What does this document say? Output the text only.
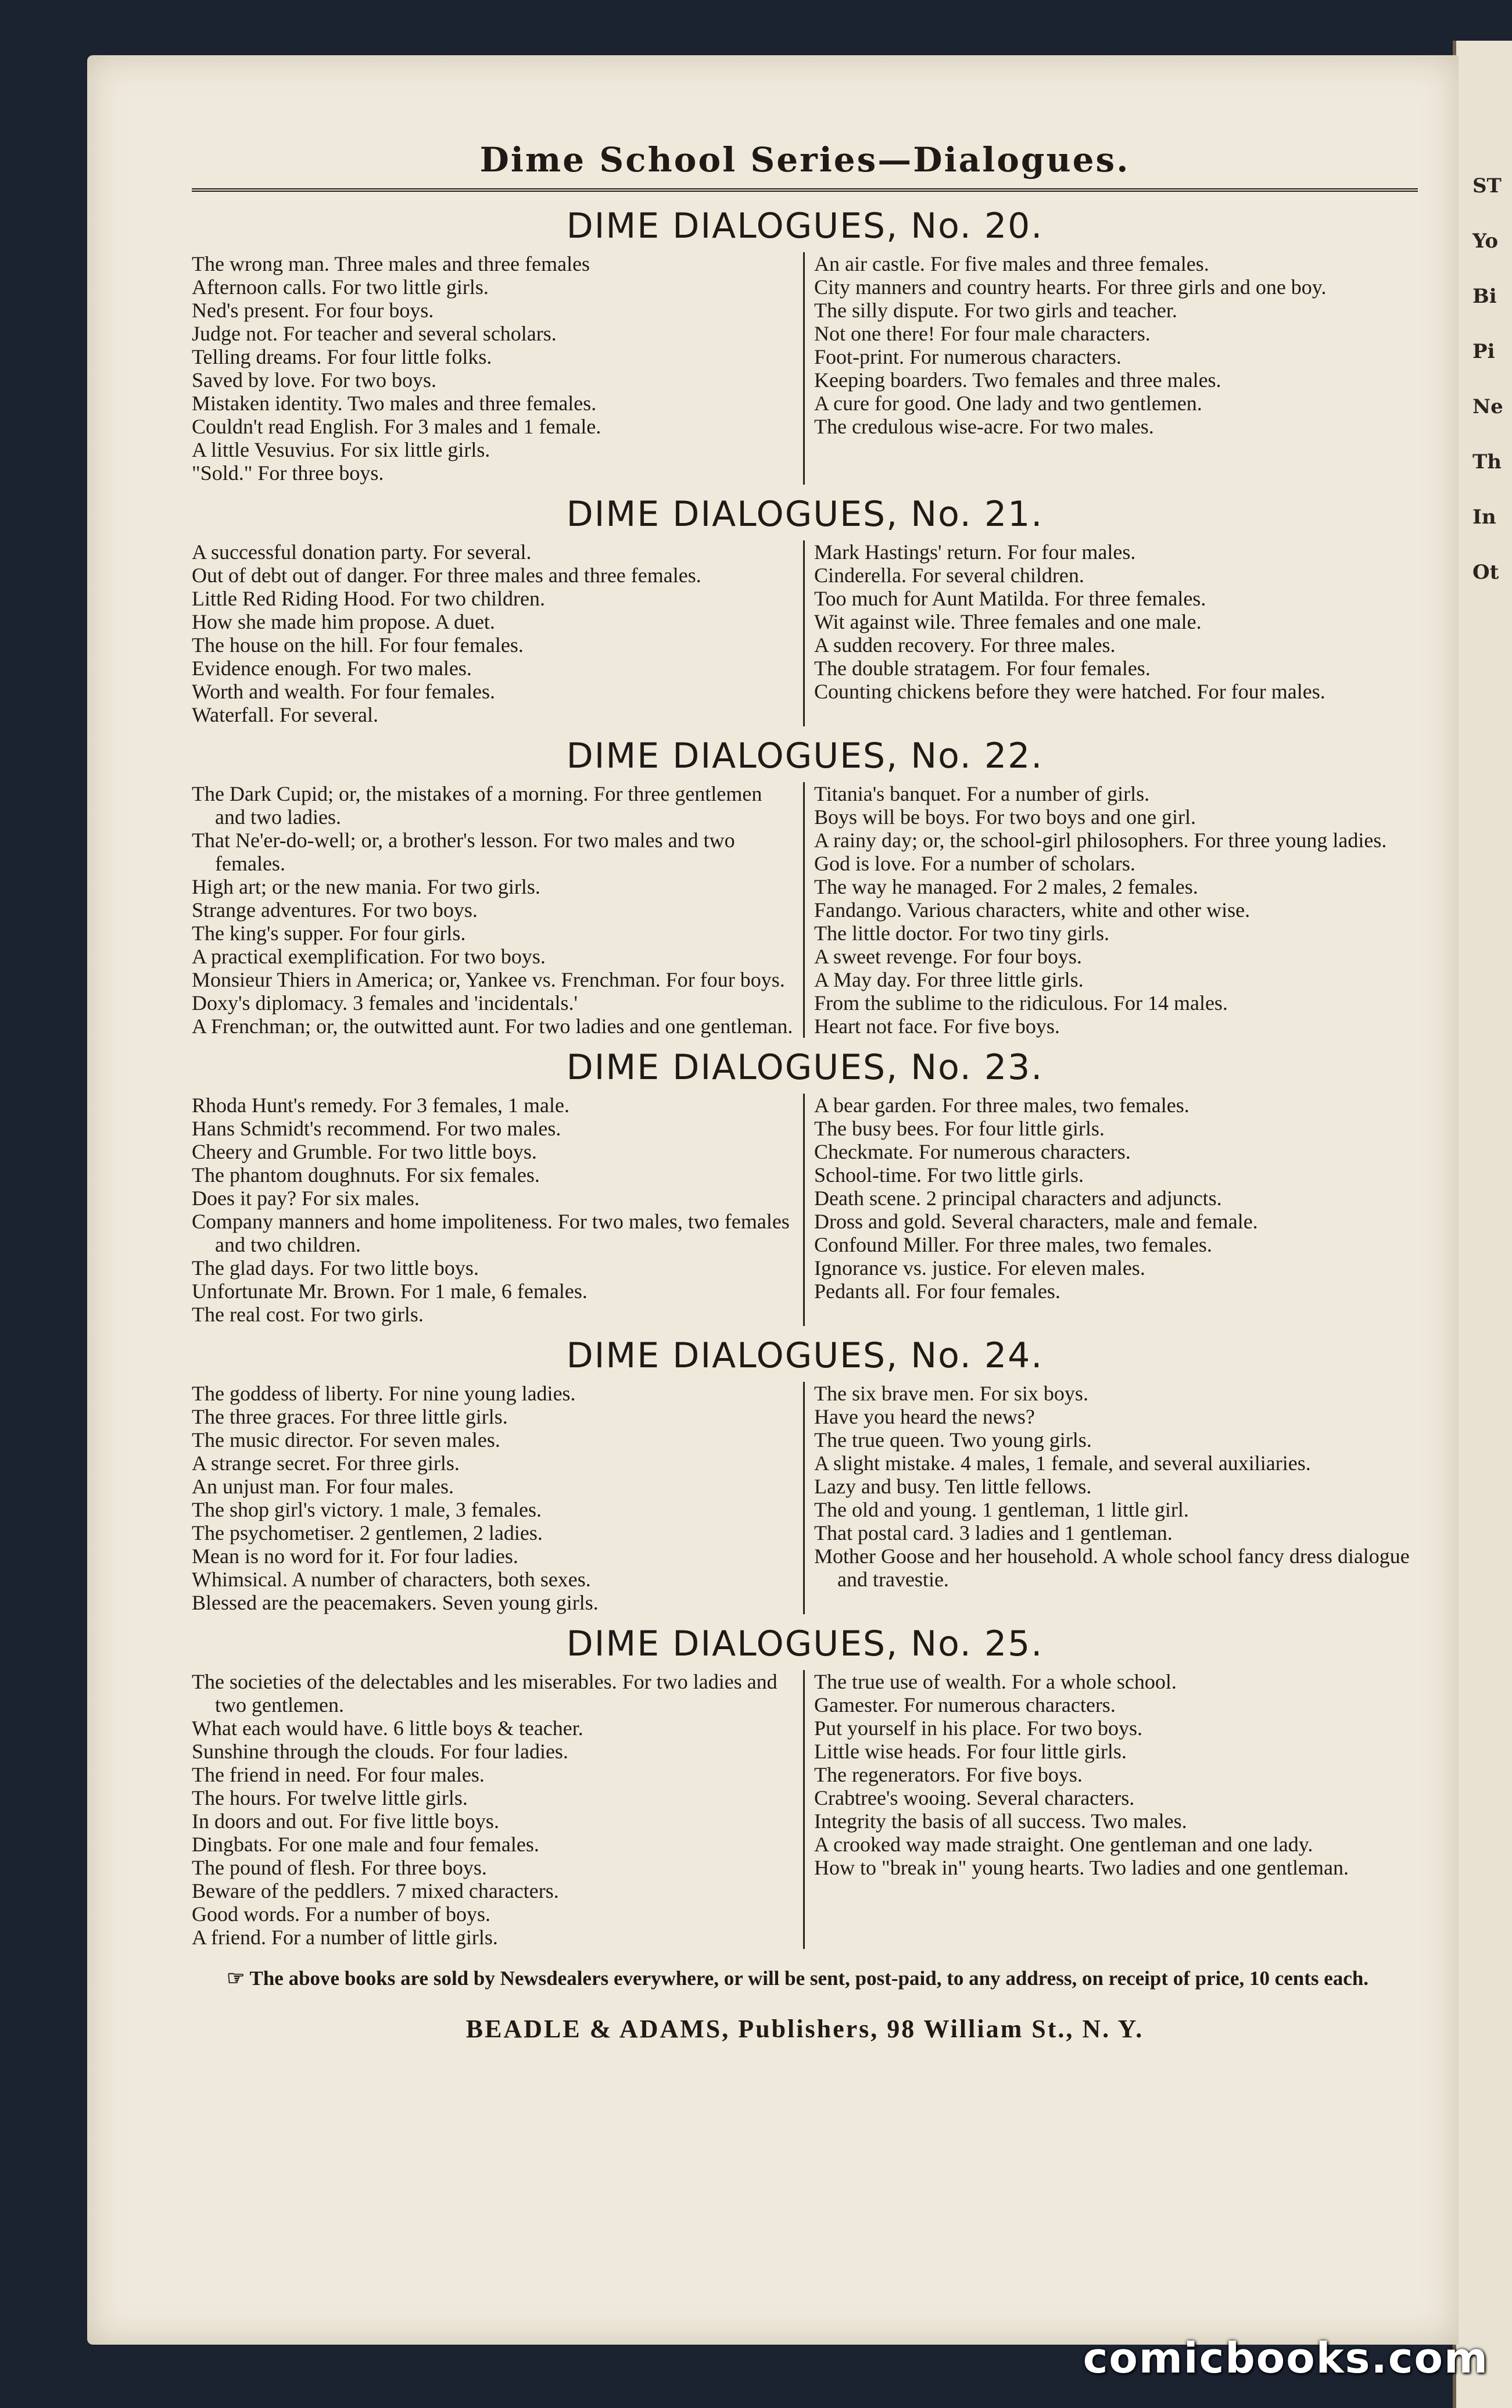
ST
Yo
Bi
Pi
Ne
Th
In
Ot
Dime School Series—Dialogues.
DIME DIALOGUES, No. 20.
The wrong man. Three males and three females
Afternoon calls. For two little girls.
Ned's present. For four boys.
Judge not. For teacher and several scholars.
Telling dreams. For four little folks.
Saved by love. For two boys.
Mistaken identity. Two males and three females.
Couldn't read English. For 3 males and 1 female.
A little Vesuvius. For six little girls.
"Sold." For three boys.
An air castle. For five males and three females.
City manners and country hearts. For three girls and one boy.
The silly dispute. For two girls and teacher.
Not one there! For four male characters.
Foot-print. For numerous characters.
Keeping boarders. Two females and three males.
A cure for good. One lady and two gentlemen.
The credulous wise-acre. For two males.
DIME DIALOGUES, No. 21.
A successful donation party. For several.
Out of debt out of danger. For three males and three females.
Little Red Riding Hood. For two children.
How she made him propose. A duet.
The house on the hill. For four females.
Evidence enough. For two males.
Worth and wealth. For four females.
Waterfall. For several.
Mark Hastings' return. For four males.
Cinderella. For several children.
Too much for Aunt Matilda. For three females.
Wit against wile. Three females and one male.
A sudden recovery. For three males.
The double stratagem. For four females.
Counting chickens before they were hatched. For four males.
DIME DIALOGUES, No. 22.
The Dark Cupid; or, the mistakes of a morning. For three gentlemen and two ladies.
That Ne'er-do-well; or, a brother's lesson. For two males and two females.
High art; or the new mania. For two girls.
Strange adventures. For two boys.
The king's supper. For four girls.
A practical exemplification. For two boys.
Monsieur Thiers in America; or, Yankee vs. Frenchman. For four boys.
Doxy's diplomacy. 3 females and 'incidentals.'
A Frenchman; or, the outwitted aunt. For two ladies and one gentleman.
Titania's banquet. For a number of girls.
Boys will be boys. For two boys and one girl.
A rainy day; or, the school-girl philosophers. For three young ladies.
God is love. For a number of scholars.
The way he managed. For 2 males, 2 females.
Fandango. Various characters, white and other wise.
The little doctor. For two tiny girls.
A sweet revenge. For four boys.
A May day. For three little girls.
From the sublime to the ridiculous. For 14 males.
Heart not face. For five boys.
DIME DIALOGUES, No. 23.
Rhoda Hunt's remedy. For 3 females, 1 male.
Hans Schmidt's recommend. For two males.
Cheery and Grumble. For two little boys.
The phantom doughnuts. For six females.
Does it pay? For six males.
Company manners and home impoliteness. For two males, two females and two children.
The glad days. For two little boys.
Unfortunate Mr. Brown. For 1 male, 6 females.
The real cost. For two girls.
A bear garden. For three males, two females.
The busy bees. For four little girls.
Checkmate. For numerous characters.
School-time. For two little girls.
Death scene. 2 principal characters and adjuncts.
Dross and gold. Several characters, male and female.
Confound Miller. For three males, two females.
Ignorance vs. justice. For eleven males.
Pedants all. For four females.
DIME DIALOGUES, No. 24.
The goddess of liberty. For nine young ladies.
The three graces. For three little girls.
The music director. For seven males.
A strange secret. For three girls.
An unjust man. For four males.
The shop girl's victory. 1 male, 3 females.
The psychometiser. 2 gentlemen, 2 ladies.
Mean is no word for it. For four ladies.
Whimsical. A number of characters, both sexes.
Blessed are the peacemakers. Seven young girls.
The six brave men. For six boys.
Have you heard the news?
The true queen. Two young girls.
A slight mistake. 4 males, 1 female, and several auxiliaries.
Lazy and busy. Ten little fellows.
The old and young. 1 gentleman, 1 little girl.
That postal card. 3 ladies and 1 gentleman.
Mother Goose and her household. A whole school fancy dress dialogue and travestie.
DIME DIALOGUES, No. 25.
The societies of the delectables and les miserables. For two ladies and two gentlemen.
What each would have. 6 little boys & teacher.
Sunshine through the clouds. For four ladies.
The friend in need. For four males.
The hours. For twelve little girls.
In doors and out. For five little boys.
Dingbats. For one male and four females.
The pound of flesh. For three boys.
Beware of the peddlers. 7 mixed characters.
Good words. For a number of boys.
A friend. For a number of little girls.
The true use of wealth. For a whole school.
Gamester. For numerous characters.
Put yourself in his place. For two boys.
Little wise heads. For four little girls.
The regenerators. For five boys.
Crabtree's wooing. Several characters.
Integrity the basis of all success. Two males.
A crooked way made straight. One gentleman and one lady.
How to "break in" young hearts. Two ladies and one gentleman.
☞ The above books are sold by Newsdealers everywhere, or will be sent, post-paid, to any address, on receipt of price, 10 cents each.
BEADLE & ADAMS, Publishers, 98 William St., N. Y.
comicbooks.com
